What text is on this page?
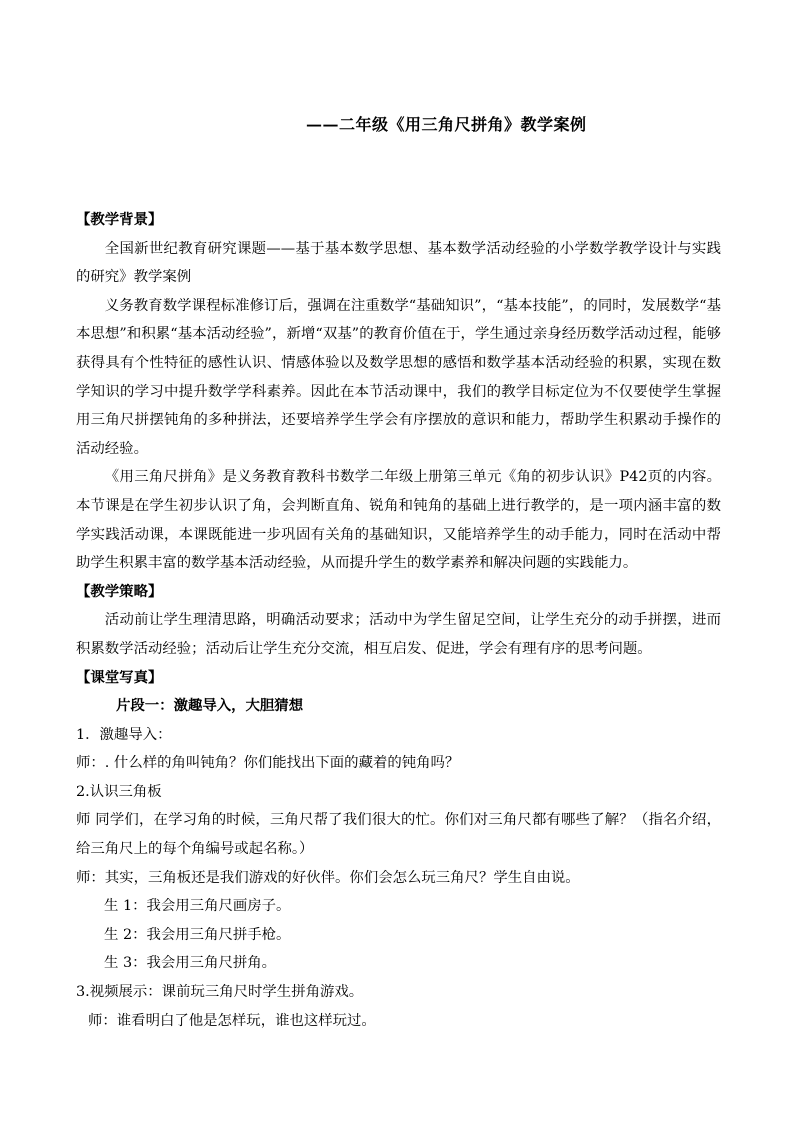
——二年级《用三角尺拼角》教学案例

【教学背景】

全国新世纪教育研究课题——基于基本数学思想、基本数学活动经验的小学数学教学设计与实践的研究》教学案例

义务教育数学课程标准修订后，强调在注重数学“基础知识”，“基本技能”，的同时，发展数学“基本思想”和积累“基本活动经验”，新增“双基”的教育价值在于，学生通过亲身经历数学活动过程，能够获得具有个性特征的感性认识、情感体验以及数学思想的感悟和数学基本活动经验的积累，实现在数学知识的学习中提升数学学科素养。因此在本节活动课中，我们的教学目标定位为不仅要使学生掌握用三角尺拼摆钝角的多种拼法，还要培养学生学会有序摆放的意识和能力，帮助学生积累动手操作的活动经验。

《用三角尺拼角》是义务教育教科书数学二年级上册第三单元《角的初步认识》P42页的内容。本节课是在学生初步认识了角，会判断直角、锐角和钝角的基础上进行教学的，是一项内涵丰富的数学实践活动课，本课既能进一步巩固有关角的基础知识，又能培养学生的动手能力，同时在活动中帮助学生积累丰富的数学基本活动经验，从而提升学生的数学素养和解决问题的实践能力。

【教学策略】

活动前让学生理清思路，明确活动要求；活动中为学生留足空间，让学生充分的动手拼摆，进而积累数学活动经验；活动后让学生充分交流，相互启发、促进，学会有理有序的思考问题。

【课堂写真】

片段一：激趣导入，大胆猜想

1．激趣导入：

师：. 什么样的角叫钝角？你们能找出下面的藏着的钝角吗？

2.认识三角板

师 同学们，在学习角的时候，三角尺帮了我们很大的忙。你们对三角尺都有哪些了解？（指名介绍，给三角尺上的每个角编号或起名称。）

师：其实，三角板还是我们游戏的好伙伴。你们会怎么玩三角尺？学生自由说。

生 1：我会用三角尺画房子。

生 2：我会用三角尺拼手枪。

生 3：我会用三角尺拼角。

3.视频展示：课前玩三角尺时学生拼角游戏。

师：谁看明白了他是怎样玩，谁也这样玩过。
